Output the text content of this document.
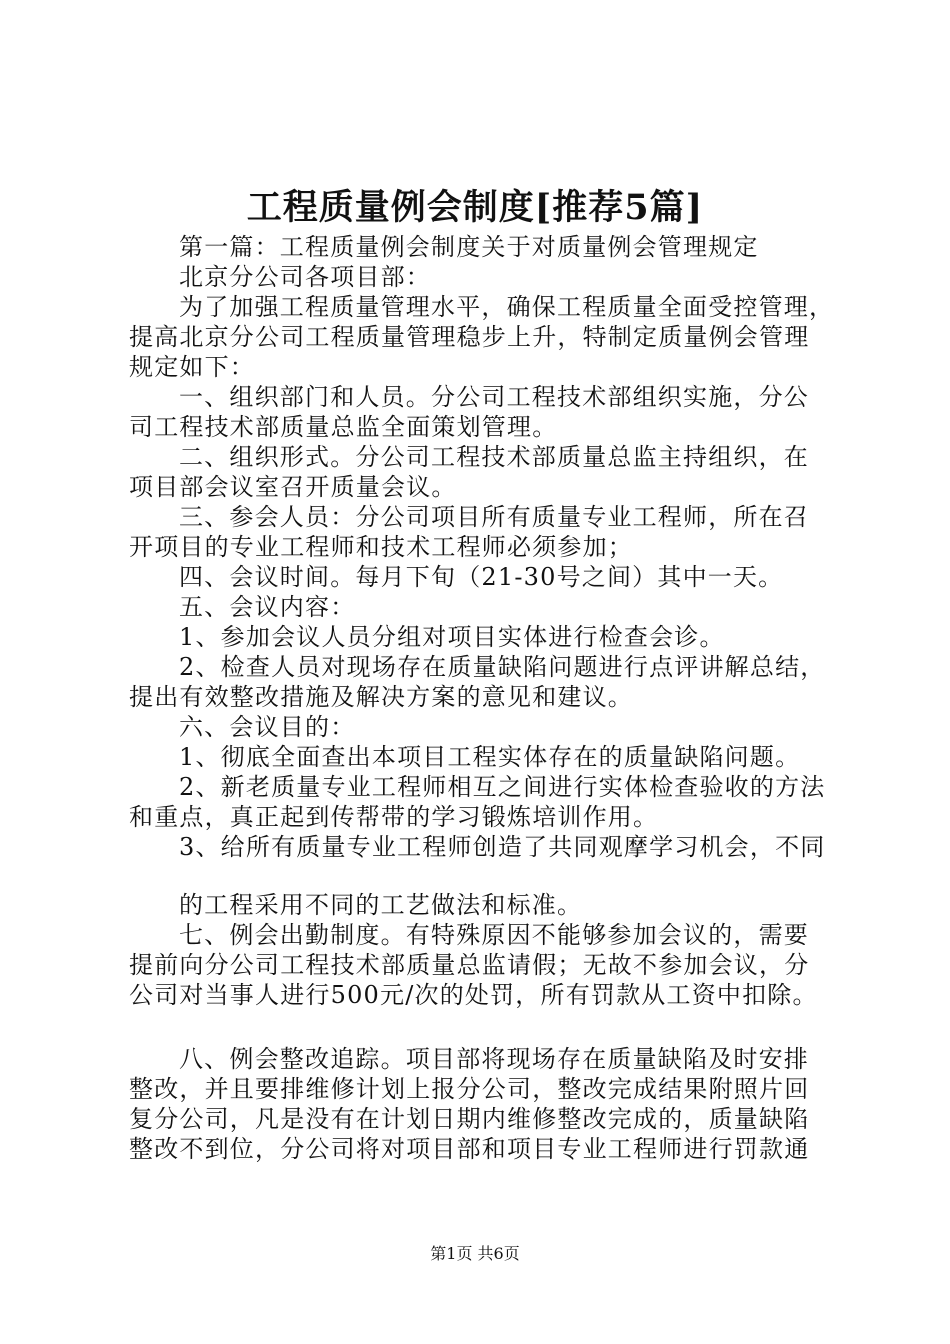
工程质量例会制度[推荐5篇]
第一篇：工程质量例会制度关于对质量例会管理规定
北京分公司各项目部：
为了加强工程质量管理水平，确保工程质量全面受控管理，
提高北京分公司工程质量管理稳步上升，特制定质量例会管理
规定如下：
一、组织部门和人员。分公司工程技术部组织实施，分公
司工程技术部质量总监全面策划管理。
二、组织形式。分公司工程技术部质量总监主持组织，在
项目部会议室召开质量会议。
三、参会人员：分公司项目所有质量专业工程师，所在召
开项目的专业工程师和技术工程师必须参加；
四、会议时间。每月下旬（21-30号之间）其中一天。
五、会议内容：
1、参加会议人员分组对项目实体进行检查会诊。
2、检查人员对现场存在质量缺陷问题进行点评讲解总结，
提出有效整改措施及解决方案的意见和建议。
六、会议目的：
1、彻底全面查出本项目工程实体存在的质量缺陷问题。
2、新老质量专业工程师相互之间进行实体检查验收的方法
和重点，真正起到传帮带的学习锻炼培训作用。
3、给所有质量专业工程师创造了共同观摩学习机会，不同
的工程采用不同的工艺做法和标准。
七、例会出勤制度。有特殊原因不能够参加会议的，需要
提前向分公司工程技术部质量总监请假；无故不参加会议，分
公司对当事人进行500元/次的处罚，所有罚款从工资中扣除。
八、例会整改追踪。项目部将现场存在质量缺陷及时安排
整改，并且要排维修计划上报分公司，整改完成结果附照片回
复分公司，凡是没有在计划日期内维修整改完成的，质量缺陷
整改不到位，分公司将对项目部和项目专业工程师进行罚款通
第1页 共6页
